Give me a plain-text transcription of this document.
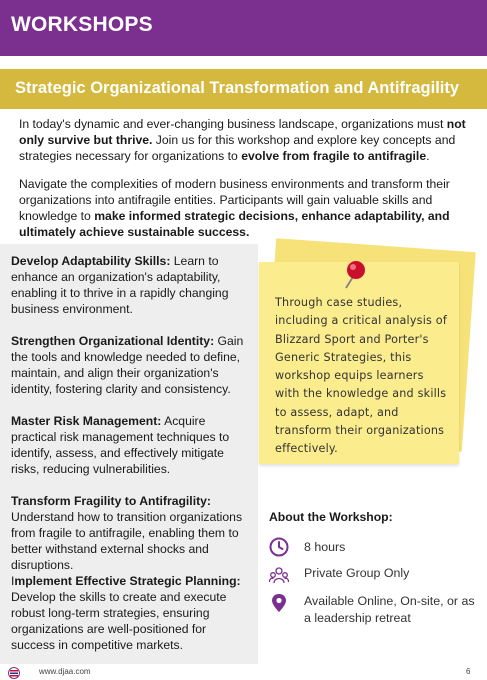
WORKSHOPS
Strategic Organizational Transformation and Antifragility

In today's dynamic and ever-changing business landscape, organizations must not only survive but thrive. Join us for this workshop and explore key concepts and strategies necessary for organizations to evolve from fragile to antifragile.

Navigate the complexities of modern business environments and transform their organizations into antifragile entities. Participants will gain valuable skills and knowledge to make informed strategic decisions, enhance adaptability, and ultimately achieve sustainable success.

Develop Adaptability Skills: Learn to enhance an organization's adaptability, enabling it to thrive in a rapidly changing business environment.

Strengthen Organizational Identity: Gain the tools and knowledge needed to define, maintain, and align their organization's identity, fostering clarity and consistency.

Master Risk Management: Acquire practical risk management techniques to identify, assess, and effectively mitigate risks, reducing vulnerabilities.

Transform Fragility to Antifragility: Understand how to transition organizations from fragile to antifragile, enabling them to better withstand external shocks and disruptions.

Implement Effective Strategic Planning: Develop the skills to create and execute robust long-term strategies, ensuring organizations are well-positioned for success in competitive markets.

Through case studies, including a critical analysis of Blizzard Sport and Porter's Generic Strategies, this workshop equips learners with the knowledge and skills to assess, adapt, and transform their organizations effectively.
About the Workshop:
8 hours
Private Group Only
Available Online, On-site, or as a leadership retreat
www.djaa.com	6
